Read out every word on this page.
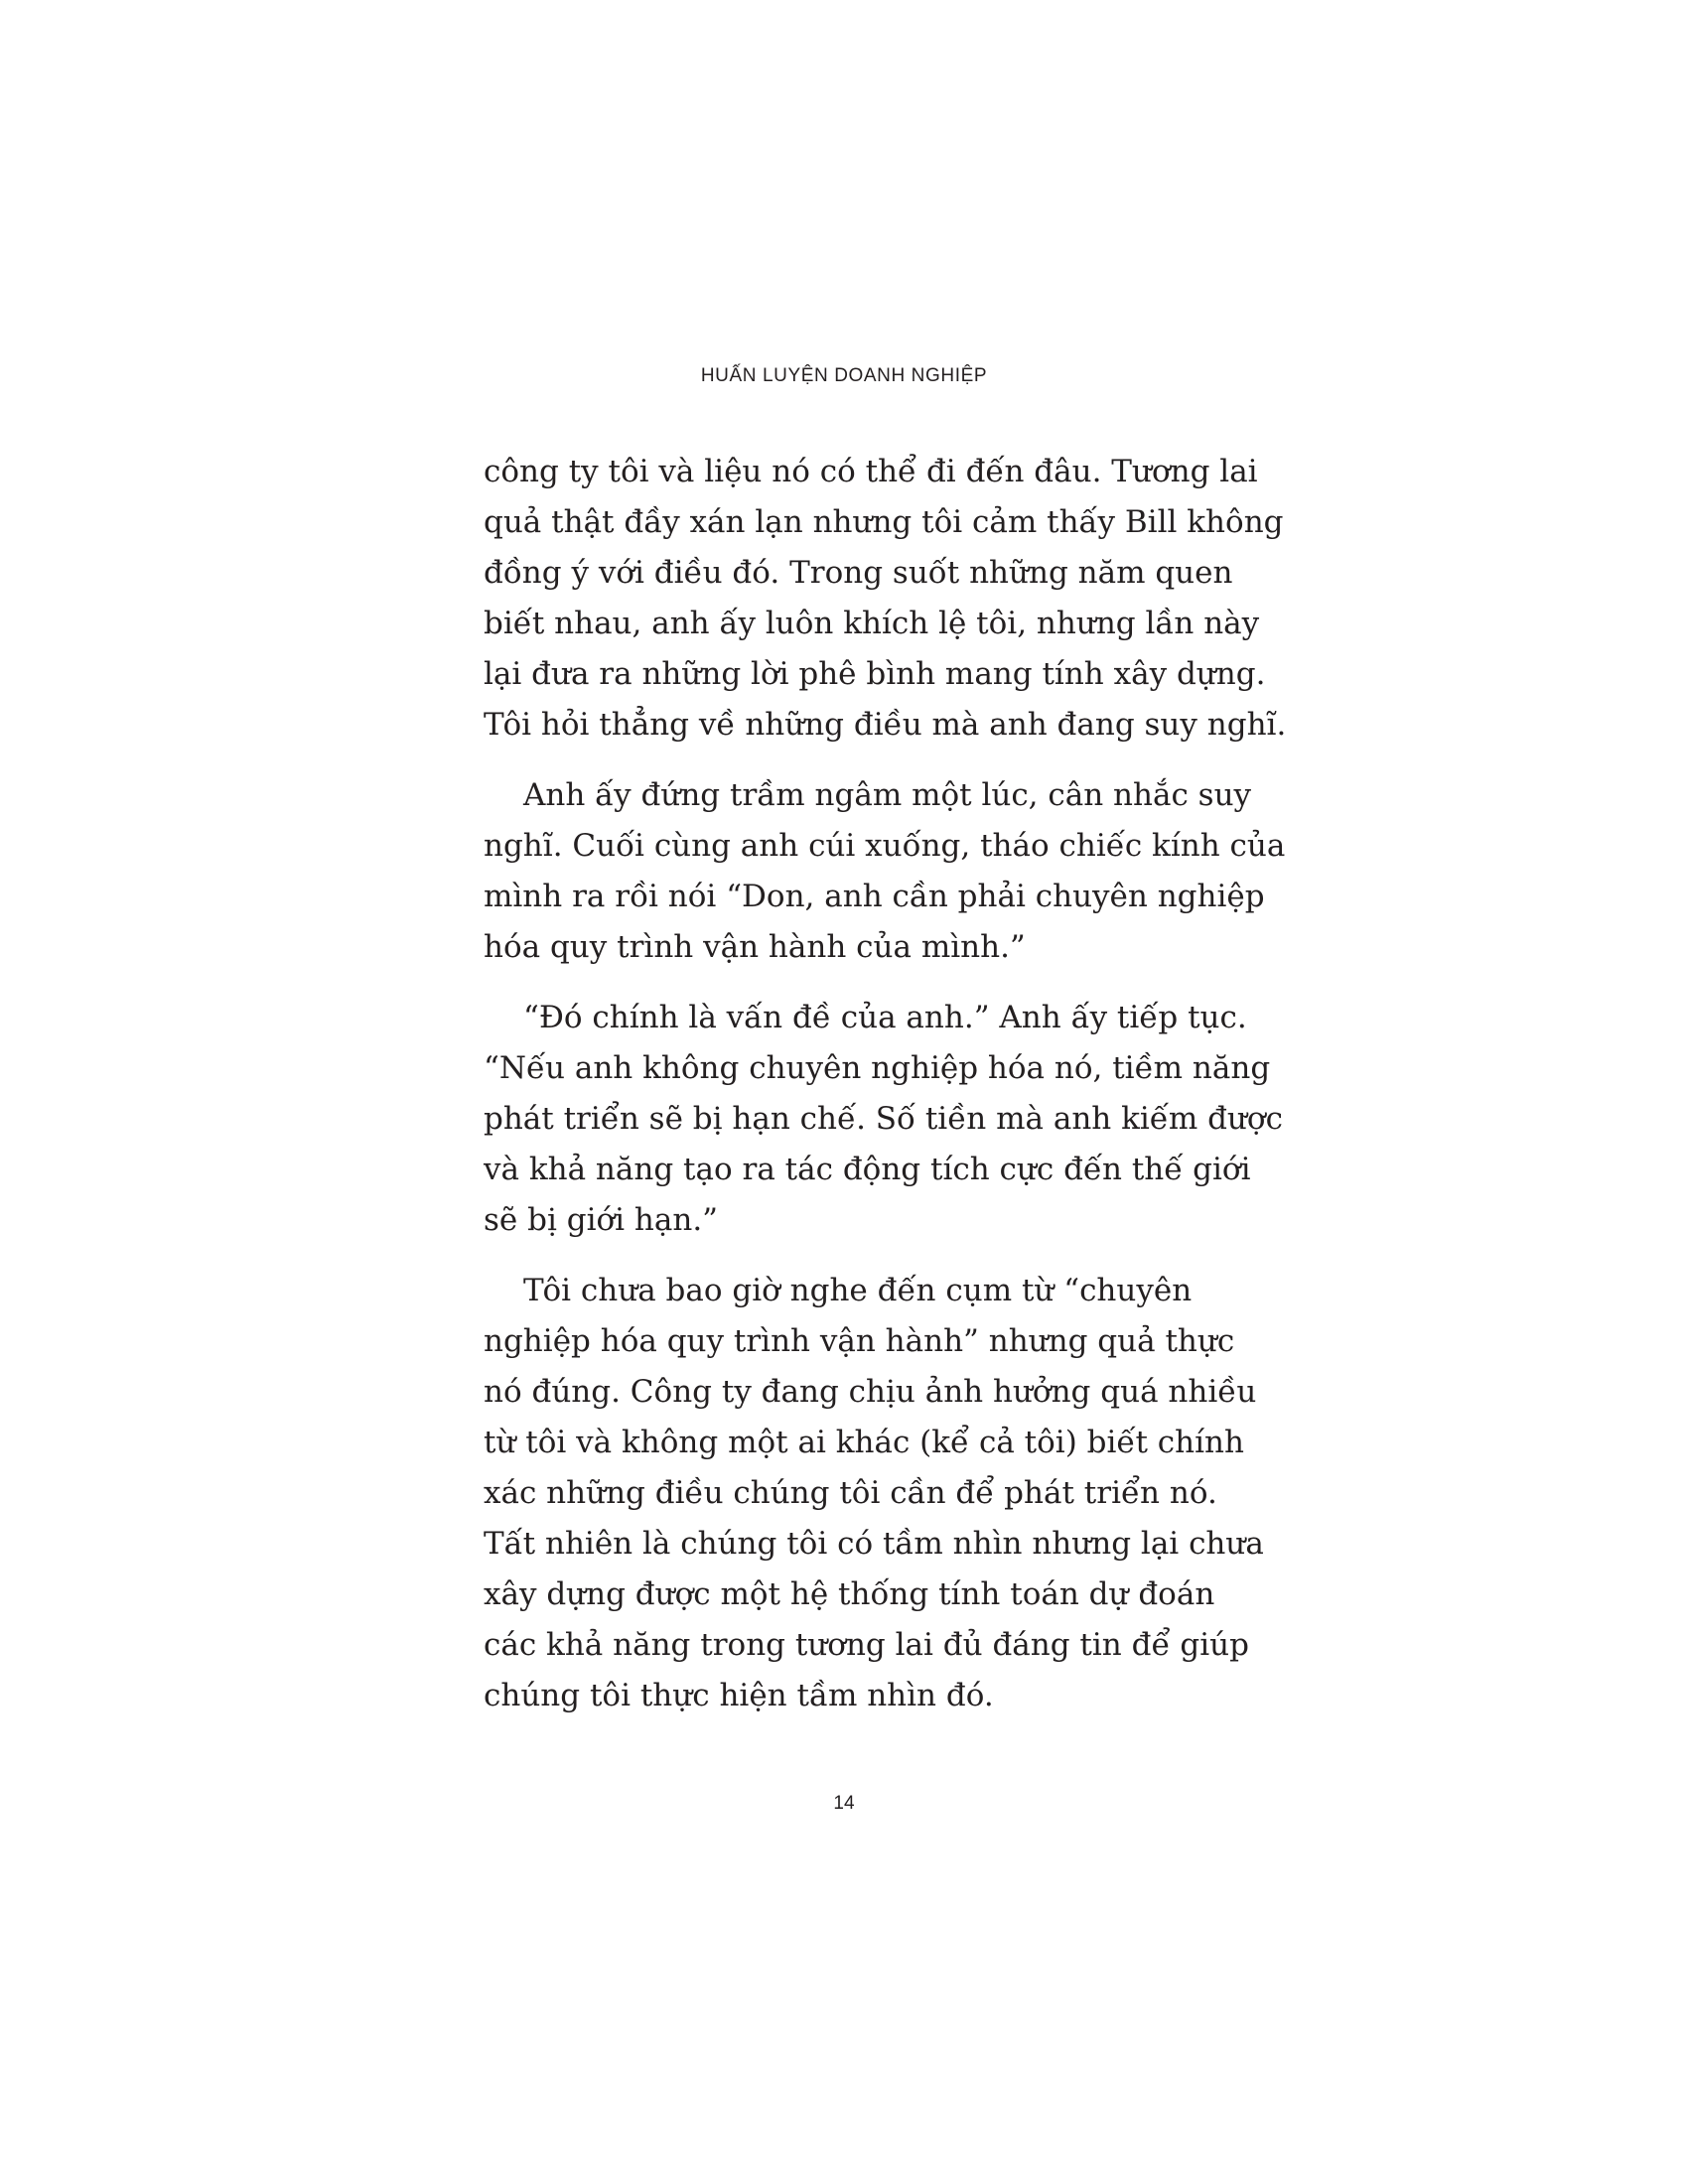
HUẤN LUYỆN DOANH NGHIỆP
công ty tôi và liệu nó có thể đi đến đâu. Tương lai
quả thật đầy xán lạn nhưng tôi cảm thấy Bill không
đồng ý với điều đó. Trong suốt những năm quen
biết nhau, anh ấy luôn khích lệ tôi, nhưng lần này
lại đưa ra những lời phê bình mang tính xây dựng.
Tôi hỏi thẳng về những điều mà anh đang suy nghĩ.
Anh ấy đứng trầm ngâm một lúc, cân nhắc suy
nghĩ. Cuối cùng anh cúi xuống, tháo chiếc kính của
mình ra rồi nói “Don, anh cần phải chuyên nghiệp
hóa quy trình vận hành của mình.”
“Đó chính là vấn đề của anh.” Anh ấy tiếp tục.
“Nếu anh không chuyên nghiệp hóa nó, tiềm năng
phát triển sẽ bị hạn chế. Số tiền mà anh kiếm được
và khả năng tạo ra tác động tích cực đến thế giới
sẽ bị giới hạn.”
Tôi chưa bao giờ nghe đến cụm từ “chuyên
nghiệp hóa quy trình vận hành” nhưng quả thực
nó đúng. Công ty đang chịu ảnh hưởng quá nhiều
từ tôi và không một ai khác (kể cả tôi) biết chính
xác những điều chúng tôi cần để phát triển nó.
Tất nhiên là chúng tôi có tầm nhìn nhưng lại chưa
xây dựng được một hệ thống tính toán dự đoán
các khả năng trong tương lai đủ đáng tin để giúp
chúng tôi thực hiện tầm nhìn đó.
14
